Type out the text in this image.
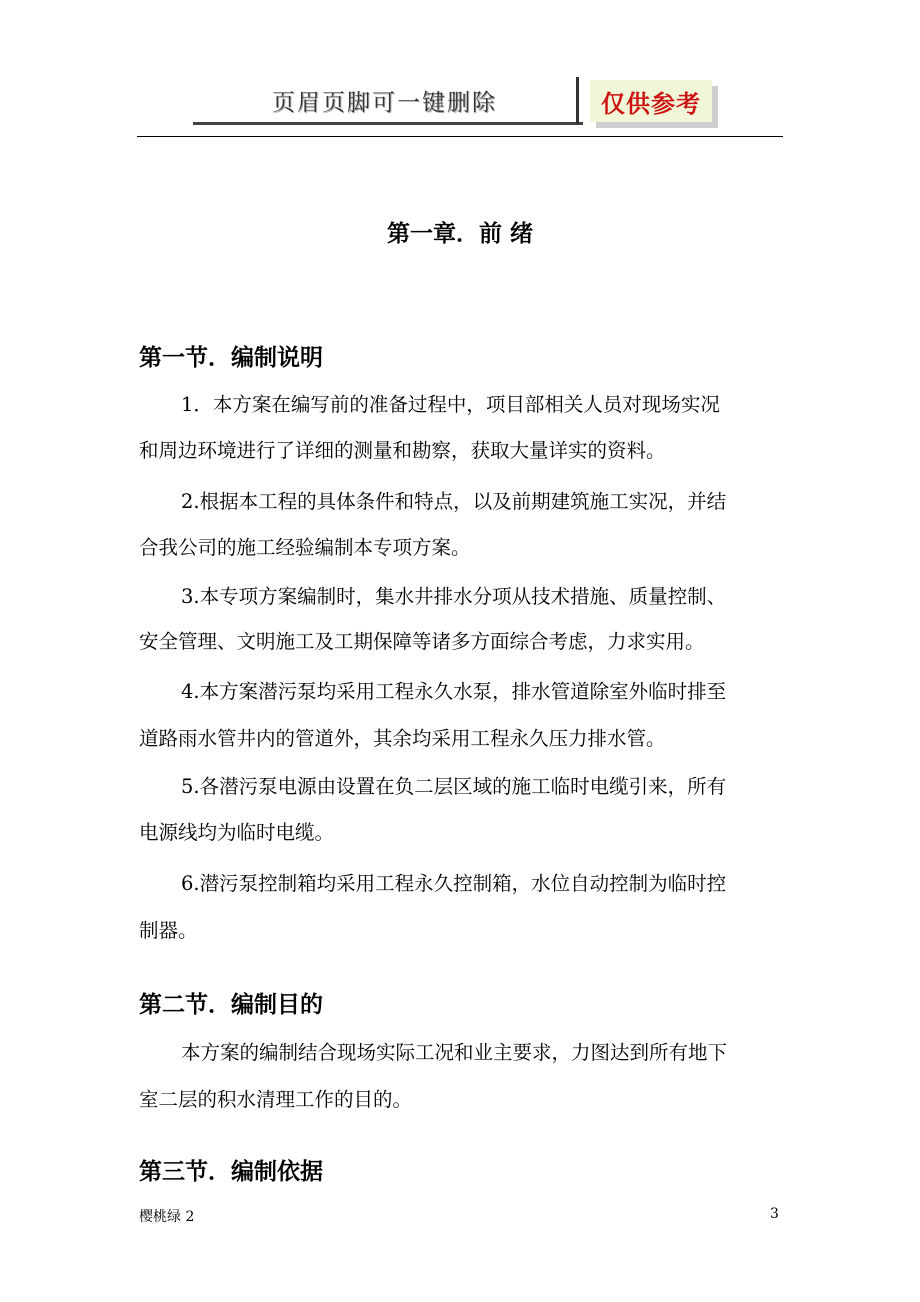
页眉页脚可一键删除	仅供参考
第一章．前 绪
第一节．编制说明
1．本方案在编写前的准备过程中，项目部相关人员对现场实况
和周边环境进行了详细的测量和勘察，获取大量详实的资料。
2.根据本工程的具体条件和特点，以及前期建筑施工实况，并结
合我公司的施工经验编制本专项方案。
3.本专项方案编制时，集水井排水分项从技术措施、质量控制、
安全管理、文明施工及工期保障等诸多方面综合考虑，力求实用。
4.本方案潜污泵均采用工程永久水泵，排水管道除室外临时排至
道路雨水管井内的管道外，其余均采用工程永久压力排水管。
5.各潜污泵电源由设置在负二层区域的施工临时电缆引来，所有
电源线均为临时电缆。
6.潜污泵控制箱均采用工程永久控制箱，水位自动控制为临时控
制器。
第二节．编制目的
本方案的编制结合现场实际工况和业主要求，力图达到所有地下
室二层的积水清理工作的目的。
第三节．编制依据
樱桃绿 2	3
